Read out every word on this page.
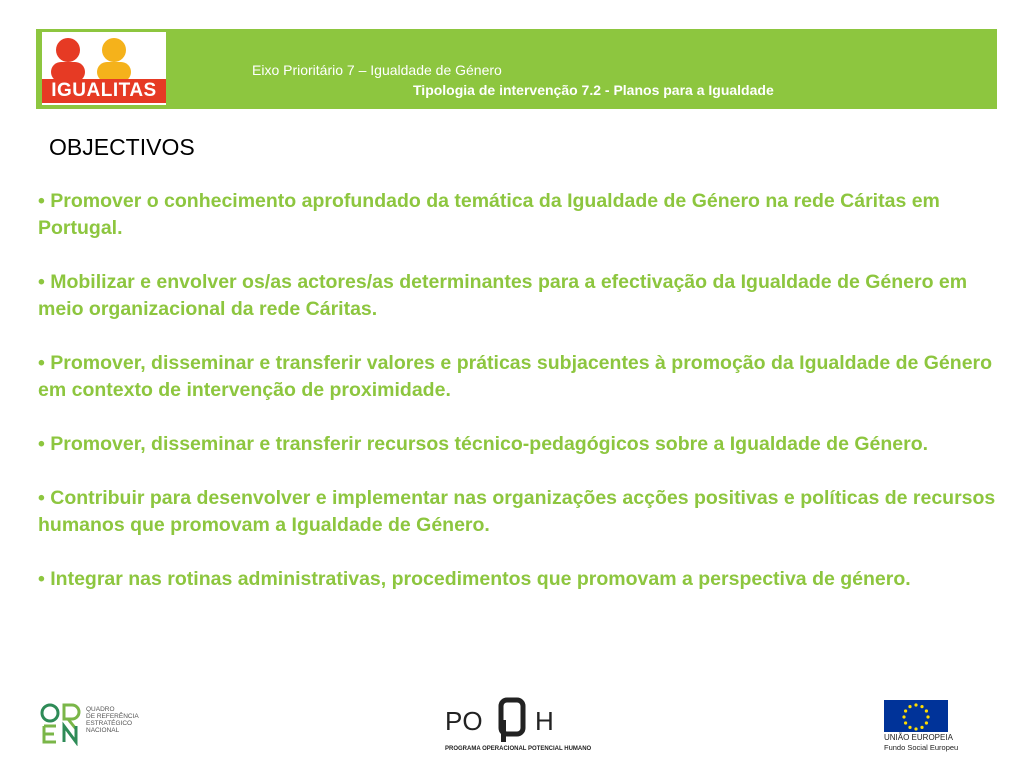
IGUALITAS
Eixo Prioritário 7 – Igualdade de Género
Tipologia de intervenção 7.2 - Planos para a Igualdade
OBJECTIVOS
• Promover o conhecimento aprofundado da temática da Igualdade de Género na rede Cáritas em Portugal.
• Mobilizar e envolver os/as actores/as determinantes para a efectivação da Igualdade de Género em meio organizacional da rede Cáritas.
• Promover, disseminar e transferir valores e práticas subjacentes à promoção da Igualdade de Género em contexto de intervenção de proximidade.
• Promover, disseminar e transferir recursos técnico-pedagógicos sobre a Igualdade de Género.
• Contribuir para desenvolver e implementar nas organizações acções positivas e políticas de recursos humanos que promovam a Igualdade de Género.
• Integrar nas rotinas administrativas, procedimentos que promovam a perspectiva de género.
QUADRO
DE REFERÊNCIA
ESTRATÉGICO
NACIONAL	PO H
PROGRAMA OPERACIONAL POTENCIAL HUMANO
UNIÃO EUROPEIA
Fundo Social Europeu
